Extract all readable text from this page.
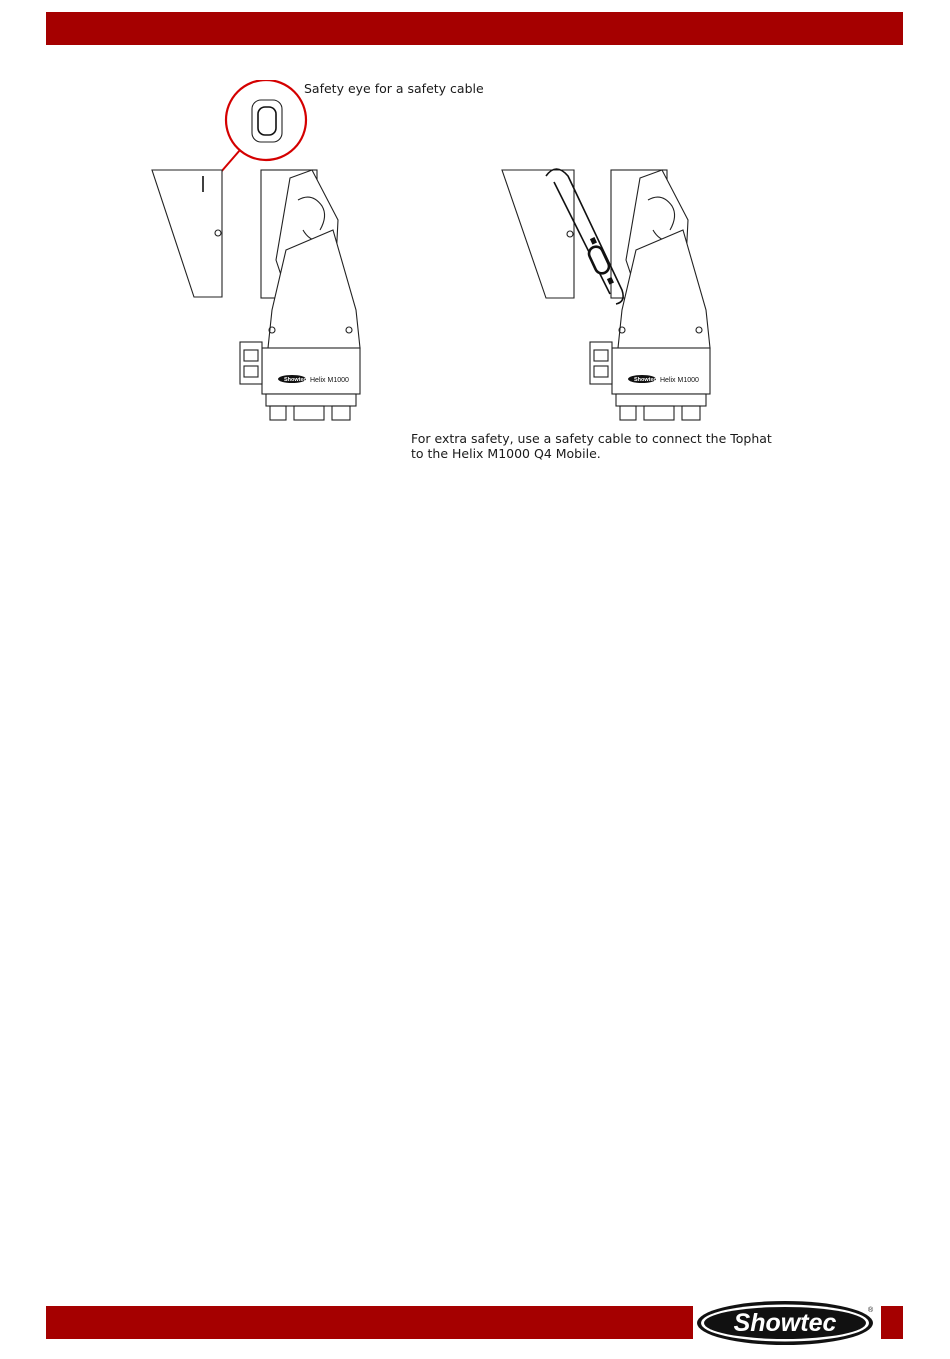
Safety eye for a safety cable

Showtec Helix M1000	Showtec Helix M1000
For extra safety, use a safety cable to connect the Tophat
to the Helix M1000 Q4 Mobile.
Showtec	®
